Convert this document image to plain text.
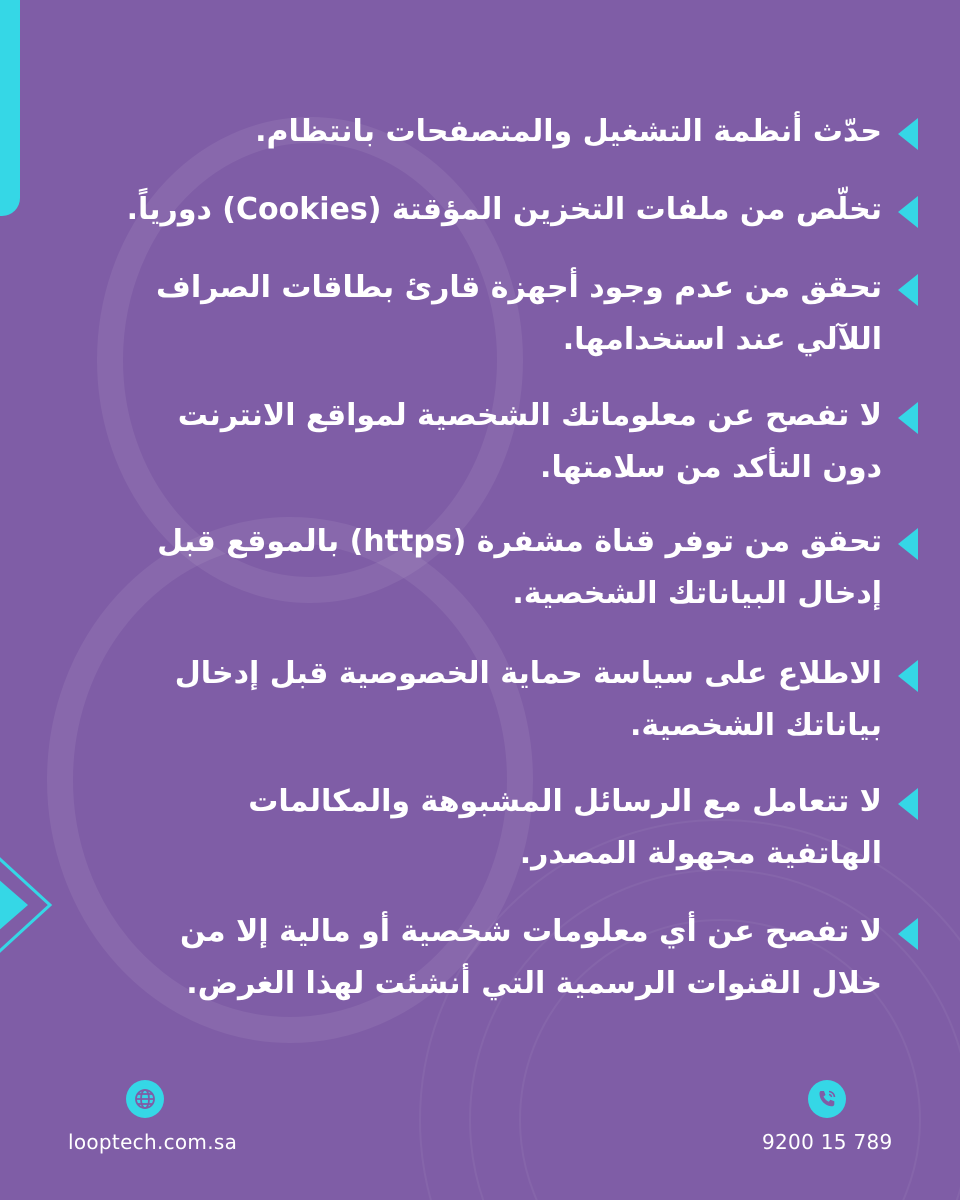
حدّث أنظمة التشغيل والمتصفحات بانتظام.
تخلّص من ملفات التخزين المؤقتة (Cookies) دورياً.
تحقق من عدم وجود أجهزة قارئ بطاقات الصراف اللآلي عند استخدامها.
لا تفصح عن معلوماتك الشخصية لمواقع الانترنت دون التأكد من سلامتها.
تحقق من توفر قناة مشفرة (https) بالموقع قبل إدخال البياناتك الشخصية.
الاطلاع على سياسة حماية الخصوصية قبل إدخال بياناتك الشخصية.
لا تتعامل مع الرسائل المشبوهة والمكالمات الهاتفية مجهولة المصدر.
لا تفصح عن أي معلومات شخصية أو مالية إلا من خلال القنوات الرسمية التي أنشئت لهذا الغرض.
looptech.com.sa	9200 15 789
